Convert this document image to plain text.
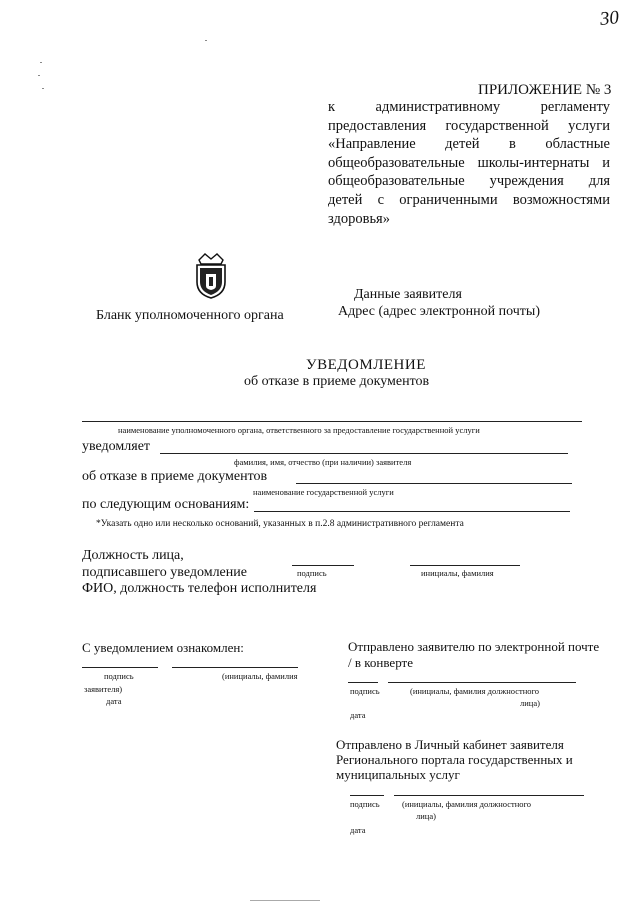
30
ПРИЛОЖЕНИЕ № 3
к административному регламенту
предоставления государственной услуги
«Направление детей в областные
общеобразовательные школы-интернаты и
общеобразовательные учреждения для
детей с ограниченными возможностями
здоровья»
Бланк уполномоченного органа
Данные заявителя
Адрес (адрес электронной почты)
УВЕДОМЛЕНИЕ
об отказе в приеме документов
наименование уполномоченного органа, ответственного за предоставление государственной услуги
уведомляет
фамилия, имя, отчество (при наличии) заявителя
об отказе в приеме документов
наименование государственной услуги
по следующим основаниям:
*Указать одно или несколько оснований, указанных в п.2.8 административного регламента
Должность лица,
подписавшего уведомление	подпись	инициалы, фамилия
ФИО, должность телефон исполнителя
С уведомлением ознакомлен:
подпись	(инициалы, фамилия
заявителя)
дата
Отправлено заявителю по электронной почте
/ в конверте
подпись	(инициалы, фамилия должностного
лица)
дата
Отправлено в Личный кабинет заявителя
Регионального портала государственных и
муниципальных услуг
подпись	(инициалы, фамилия должностного
лица)
дата
